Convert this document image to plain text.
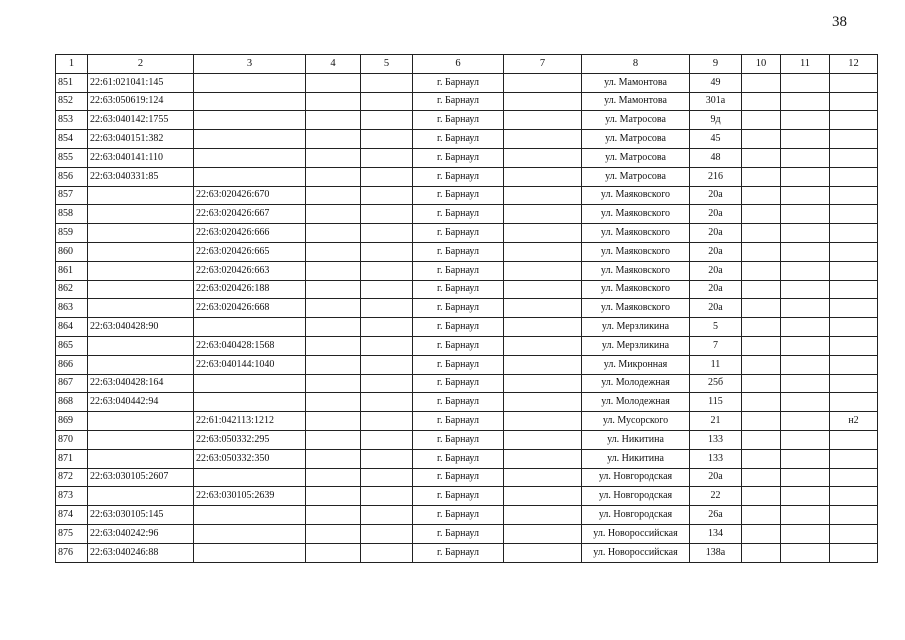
38
1	2	3	4	5	6	7	8	9	10	11	12
851	22:61:021041:145				г. Барнаул		ул. Мамонтова	49			
852	22:63:050619:124				г. Барнаул		ул. Мамонтова	301а			
853	22:63:040142:1755				г. Барнаул		ул. Матросова	9д			
854	22:63:040151:382				г. Барнаул		ул. Матросова	45			
855	22:63:040141:110				г. Барнаул		ул. Матросова	48			
856	22:63:040331:85				г. Барнаул		ул. Матросова	216			
857		22:63:020426:670			г. Барнаул		ул. Маяковского	20а			
858		22:63:020426:667			г. Барнаул		ул. Маяковского	20а			
859		22:63:020426:666			г. Барнаул		ул. Маяковского	20а			
860		22:63:020426:665			г. Барнаул		ул. Маяковского	20а			
861		22:63:020426:663			г. Барнаул		ул. Маяковского	20а			
862		22:63:020426:188			г. Барнаул		ул. Маяковского	20а			
863		22:63:020426:668			г. Барнаул		ул. Маяковского	20а			
864	22:63:040428:90				г. Барнаул		ул. Мерзликина	5			
865		22:63:040428:1568			г. Барнаул		ул. Мерзликина	7			
866		22:63:040144:1040			г. Барнаул		ул. Микронная	11			
867	22:63:040428:164				г. Барнаул		ул. Молодежная	25б			
868	22:63:040442:94				г. Барнаул		ул. Молодежная	115			
869		22:61:042113:1212			г. Барнаул		ул. Мусорского	21			н2
870		22:63:050332:295			г. Барнаул		ул. Никитина	133			
871		22:63:050332:350			г. Барнаул		ул. Никитина	133			
872	22:63:030105:2607				г. Барнаул		ул. Новгородская	20а			
873		22:63:030105:2639			г. Барнаул		ул. Новгородская	22			
874	22:63:030105:145				г. Барнаул		ул. Новгородская	26а			
875	22:63:040242:96				г. Барнаул		ул. Новороссийская	134			
876	22:63:040246:88				г. Барнаул		ул. Новороссийская	138а			
